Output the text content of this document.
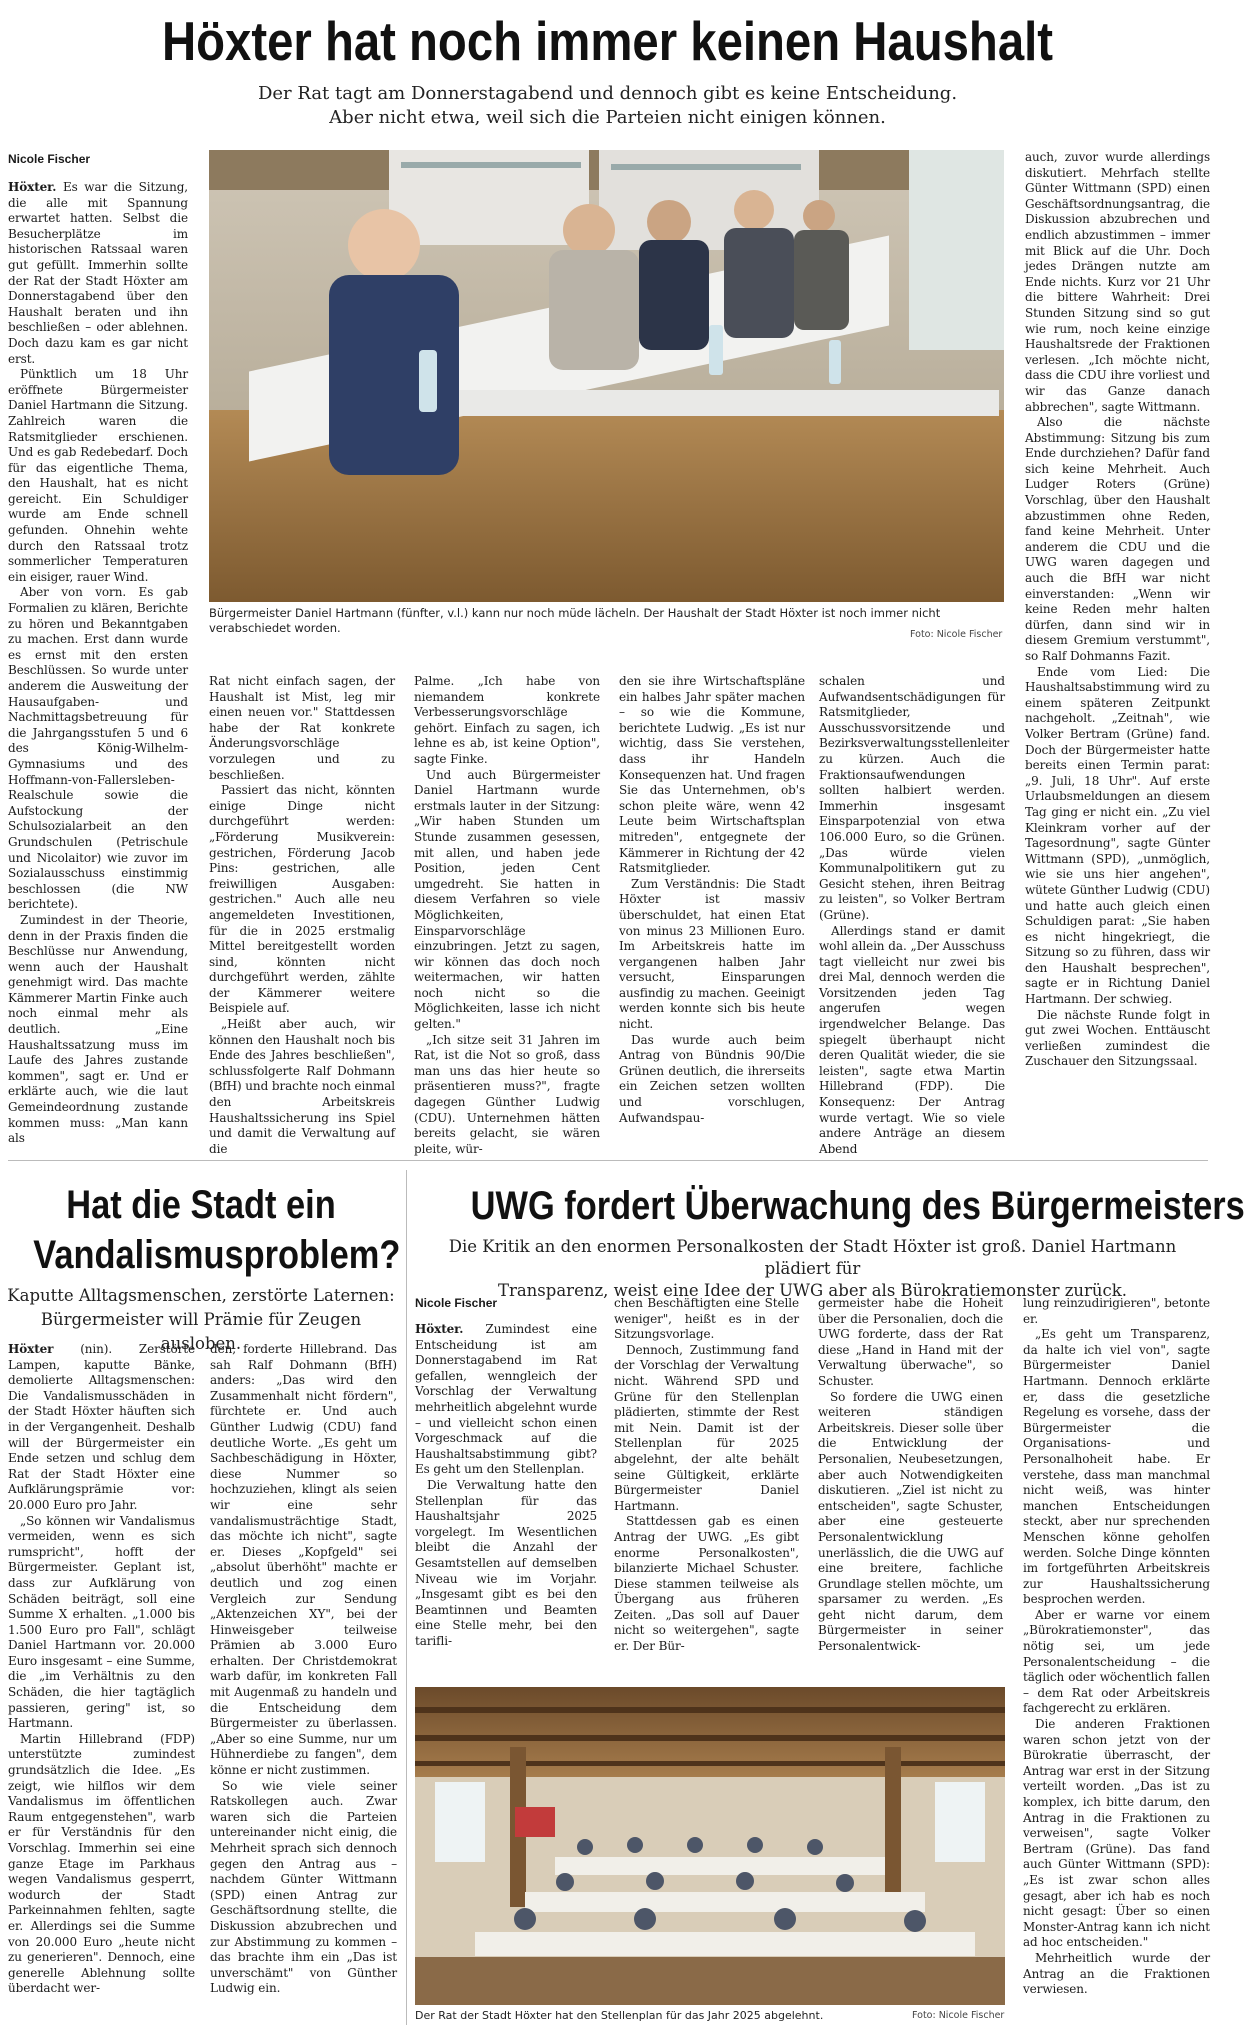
Höxter hat noch immer keinen Haushalt
Der Rat tagt am Donnerstagabend und dennoch gibt es keine Entscheidung.
Aber nicht etwa, weil sich die Parteien nicht einigen können.
Nicole Fischer

Höxter. Es war die Sitzung, die alle mit Spannung erwartet hatten. Selbst die Besucherplätze im historischen Ratssaal waren gut gefüllt. Immerhin sollte der Rat der Stadt Höxter am Donnerstagabend über den Haushalt beraten und ihn beschließen – oder ablehnen. Doch dazu kam es gar nicht erst.

Pünktlich um 18 Uhr eröffnete Bürgermeister Daniel Hartmann die Sitzung. Zahlreich waren die Ratsmitglieder erschienen. Und es gab Redebedarf. Doch für das eigentliche Thema, den Haushalt, hat es nicht gereicht. Ein Schuldiger wurde am Ende schnell gefunden. Ohnehin wehte durch den Ratssaal trotz sommerlicher Temperaturen ein eisiger, rauer Wind.

Aber von vorn. Es gab Formalien zu klären, Berichte zu hören und Bekanntgaben zu machen. Erst dann wurde es ernst mit den ersten Beschlüssen. So wurde unter anderem die Ausweitung der Hausaufgaben- und Nachmittagsbetreuung für die Jahrgangsstufen 5 und 6 des König-Wilhelm-Gymnasiums und des Hoffmann-von-Fallersleben-Realschule sowie die Aufstockung der Schulsozialarbeit an den Grundschulen (Petrischule und Nicolaitor) wie zuvor im Sozialausschuss einstimmig beschlossen (die NW berichtete).

Zumindest in der Theorie, denn in der Praxis finden die Beschlüsse nur Anwendung, wenn auch der Haushalt genehmigt wird. Das machte Kämmerer Martin Finke auch noch einmal mehr als deutlich. „Eine Haushaltssatzung muss im Laufe des Jahres zustande kommen", sagt er. Und er erklärte auch, wie die laut Gemeindeordnung zustande kommen muss: „Man kann als

Bürgermeister Daniel Hartmann (fünfter, v.l.) kann nur noch müde lächeln. Der Haushalt der Stadt Höxter ist noch immer nicht verabschiedet worden.	Foto: Nicole Fischer

Rat nicht einfach sagen, der Haushalt ist Mist, leg mir einen neuen vor." Stattdessen habe der Rat konkrete Änderungsvorschläge vorzulegen und zu beschließen.

Passiert das nicht, könnten einige Dinge nicht durchgeführt werden: „Förderung Musikverein: gestrichen, Förderung Jacob Pins: gestrichen, alle freiwilligen Ausgaben: gestrichen." Auch alle neu angemeldeten Investitionen, für die in 2025 erstmalig Mittel bereitgestellt worden sind, könnten nicht durchgeführt werden, zählte der Kämmerer weitere Beispiele auf.

„Heißt aber auch, wir können den Haushalt noch bis Ende des Jahres beschließen", schlussfolgerte Ralf Dohmann (BfH) und brachte noch einmal den Arbeitskreis Haushaltssicherung ins Spiel und damit die Verwaltung auf die

Palme. „Ich habe von niemandem konkrete Verbesserungsvorschläge gehört. Einfach zu sagen, ich lehne es ab, ist keine Option", sagte Finke.

Und auch Bürgermeister Daniel Hartmann wurde erstmals lauter in der Sitzung: „Wir haben Stunden um Stunde zusammen gesessen, mit allen, und haben jede Position, jeden Cent umgedreht. Sie hatten in diesem Verfahren so viele Möglichkeiten, Einsparvorschläge einzubringen. Jetzt zu sagen, wir können das doch noch weitermachen, wir hatten noch nicht so die Möglichkeiten, lasse ich nicht gelten."

„Ich sitze seit 31 Jahren im Rat, ist die Not so groß, dass man uns das hier heute so präsentieren muss?", fragte dagegen Günther Ludwig (CDU). Unternehmen hätten bereits gelacht, sie wären pleite, wür-

den sie ihre Wirtschaftspläne ein halbes Jahr später machen – so wie die Kommune, berichtete Ludwig. „Es ist nur wichtig, dass Sie verstehen, dass ihr Handeln Konsequenzen hat. Und fragen Sie das Unternehmen, ob's schon pleite wäre, wenn 42 Leute beim Wirtschaftsplan mitreden", entgegnete der Kämmerer in Richtung der 42 Ratsmitglieder.

Zum Verständnis: Die Stadt Höxter ist massiv überschuldet, hat einen Etat von minus 23 Millionen Euro. Im Arbeitskreis hatte im vergangenen halben Jahr versucht, Einsparungen ausfindig zu machen. Geeinigt werden konnte sich bis heute nicht.

Das wurde auch beim Antrag von Bündnis 90/Die Grünen deutlich, die ihrerseits ein Zeichen setzen wollten und vorschlugen, Aufwandspau-

schalen und Aufwandsentschädigungen für Ratsmitglieder, Ausschussvorsitzende und Bezirksverwaltungsstellenleiter zu kürzen. Auch die Fraktionsaufwendungen sollten halbiert werden. Immerhin insgesamt Einsparpotenzial von etwa 106.000 Euro, so die Grünen. „Das würde vielen Kommunalpolitikern gut zu Gesicht stehen, ihren Beitrag zu leisten", so Volker Bertram (Grüne).

Allerdings stand er damit wohl allein da. „Der Ausschuss tagt vielleicht nur zwei bis drei Mal, dennoch werden die Vorsitzenden jeden Tag angerufen wegen irgendwelcher Belange. Das spiegelt überhaupt nicht deren Qualität wieder, die sie leisten", sagte etwa Martin Hillebrand (FDP). Die Konsequenz: Der Antrag wurde vertagt. Wie so viele andere Anträge an diesem Abend

auch, zuvor wurde allerdings diskutiert. Mehrfach stellte Günter Wittmann (SPD) einen Geschäftsordnungsantrag, die Diskussion abzubrechen und endlich abzustimmen – immer mit Blick auf die Uhr. Doch jedes Drängen nutzte am Ende nichts. Kurz vor 21 Uhr die bittere Wahrheit: Drei Stunden Sitzung sind so gut wie rum, noch keine einzige Haushaltsrede der Fraktionen verlesen. „Ich möchte nicht, dass die CDU ihre vorliest und wir das Ganze danach abbrechen", sagte Wittmann.

Also die nächste Abstimmung: Sitzung bis zum Ende durchziehen? Dafür fand sich keine Mehrheit. Auch Ludger Roters (Grüne) Vorschlag, über den Haushalt abzustimmen ohne Reden, fand keine Mehrheit. Unter anderem die CDU und die UWG waren dagegen und auch die BfH war nicht einverstanden: „Wenn wir keine Reden mehr halten dürfen, dann sind wir in diesem Gremium verstummt", so Ralf Dohmanns Fazit.

Ende vom Lied: Die Haushaltsabstimmung wird zu einem späteren Zeitpunkt nachgeholt. „Zeitnah", wie Volker Bertram (Grüne) fand. Doch der Bürgermeister hatte bereits einen Termin parat: „9. Juli, 18 Uhr". Auf erste Urlaubsmeldungen an diesem Tag ging er nicht ein. „Zu viel Kleinkram vorher auf der Tagesordnung", sagte Günter Wittmann (SPD), „unmöglich, wie sie uns hier angehen", wütete Günther Ludwig (CDU) und hatte auch gleich einen Schuldigen parat: „Sie haben es nicht hingekriegt, die Sitzung so zu führen, dass wir den Haushalt besprechen", sagte er in Richtung Daniel Hartmann. Der schwieg.

Die nächste Runde folgt in gut zwei Wochen. Enttäuscht verließen zumindest die Zuschauer den Sitzungssaal.

Hat die Stadt ein
Vandalismusproblem?
Kaputte Alltagsmenschen, zerstörte Laternen:
Bürgermeister will Prämie für Zeugen ausloben.

Höxter (nin). Zerstörte Lampen, kaputte Bänke, demolierte Alltagsmenschen: Die Vandalismusschäden in der Stadt Höxter häuften sich in der Vergangenheit. Deshalb will der Bürgermeister ein Ende setzen und schlug dem Rat der Stadt Höxter eine Aufklärungsprämie vor: 20.000 Euro pro Jahr.

„So können wir Vandalismus vermeiden, wenn es sich rumspricht", hofft der Bürgermeister. Geplant ist, dass zur Aufklärung von Schäden beiträgt, soll eine Summe X erhalten. „1.000 bis 1.500 Euro pro Fall", schlägt Daniel Hartmann vor. 20.000 Euro insgesamt – eine Summe, die „im Verhältnis zu den Schäden, die hier tagtäglich passieren, gering" ist, so Hartmann.

Martin Hillebrand (FDP) unterstützte zumindest grundsätzlich die Idee. „Es zeigt, wie hilflos wir dem Vandalismus im öffentlichen Raum entgegenstehen", warb er für Verständnis für den Vorschlag. Immerhin sei eine ganze Etage im Parkhaus wegen Vandalismus gesperrt, wodurch der Stadt Parkeinnahmen fehlten, sagte er. Allerdings sei die Summe von 20.000 Euro „heute nicht zu generieren". Dennoch, eine generelle Ablehnung sollte überdacht wer-

den, forderte Hillebrand. Das sah Ralf Dohmann (BfH) anders: „Das wird den Zusammenhalt nicht fördern", fürchtete er. Und auch Günther Ludwig (CDU) fand deutliche Worte. „Es geht um Sachbeschädigung in Höxter, diese Nummer so hochzuziehen, klingt als seien wir eine sehr vandalismusträchtige Stadt, das möchte ich nicht", sagte er. Dieses „Kopfgeld" sei „absolut überhöht" machte er deutlich und zog einen Vergleich zur Sendung „Aktenzeichen XY", bei der Hinweisgeber teilweise Prämien ab 3.000 Euro erhalten. Der Christdemokrat warb dafür, im konkreten Fall mit Augenmaß zu handeln und die Entscheidung dem Bürgermeister zu überlassen. „Aber so eine Summe, nur um Hühnerdiebe zu fangen", dem könne er nicht zustimmen.

So wie viele seiner Ratskollegen auch. Zwar waren sich die Parteien untereinander nicht einig, die Mehrheit sprach sich dennoch gegen den Antrag aus – nachdem Günter Wittmann (SPD) einen Antrag zur Geschäftsordnung stellte, die Diskussion abzubrechen und zur Abstimmung zu kommen – das brachte ihm ein „Das ist unverschämt" von Günther Ludwig ein.

UWG fordert Überwachung des Bürgermeisters
Die Kritik an den enormen Personalkosten der Stadt Höxter ist groß. Daniel Hartmann plädiert für
Transparenz, weist eine Idee der UWG aber als Bürokratiemonster zurück.
Nicole Fischer

Höxter. Zumindest eine Entscheidung ist am Donnerstagabend im Rat gefallen, wenngleich der Vorschlag der Verwaltung mehrheitlich abgelehnt wurde – und vielleicht schon einen Vorgeschmack auf die Haushaltsabstimmung gibt? Es geht um den Stellenplan.

Die Verwaltung hatte den Stellenplan für das Haushaltsjahr 2025 vorgelegt. Im Wesentlichen bleibt die Anzahl der Gesamtstellen auf demselben Niveau wie im Vorjahr. „Insgesamt gibt es bei den Beamtinnen und Beamten eine Stelle mehr, bei den tarifli-

chen Beschäftigten eine Stelle weniger", heißt es in der Sitzungsvorlage.

Dennoch, Zustimmung fand der Vorschlag der Verwaltung nicht. Während SPD und Grüne für den Stellenplan plädierten, stimmte der Rest mit Nein. Damit ist der Stellenplan für 2025 abgelehnt, der alte behält seine Gültigkeit, erklärte Bürgermeister Daniel Hartmann.

Stattdessen gab es einen Antrag der UWG. „Es gibt enorme Personalkosten", bilanzierte Michael Schuster. Diese stammen teilweise als Übergang aus früheren Zeiten. „Das soll auf Dauer nicht so weitergehen", sagte er. Der Bür-

germeister habe die Hoheit über die Personalien, doch die UWG forderte, dass der Rat diese „Hand in Hand mit der Verwaltung überwache", so Schuster.

So fordere die UWG einen weiteren ständigen Arbeitskreis. Dieser solle über die Entwicklung der Personalien, Neubesetzungen, aber auch Notwendigkeiten diskutieren. „Ziel ist nicht zu entscheiden", sagte Schuster, aber eine gesteuerte Personalentwicklung unerlässlich, die die UWG auf eine breitere, fachliche Grundlage stellen möchte, um sparsamer zu werden. „Es geht nicht darum, dem Bürgermeister in seiner Personalentwick-

lung reinzudirigieren", betonte er.

„Es geht um Transparenz, da halte ich viel von", sagte Bürgermeister Daniel Hartmann. Dennoch erklärte er, dass die gesetzliche Regelung es vorsehe, dass der Bürgermeister die Organisations- und Personalhoheit habe. Er verstehe, dass man manchmal nicht weiß, was hinter manchen Entscheidungen steckt, aber nur sprechenden Menschen könne geholfen werden. Solche Dinge könnten im fortgeführten Arbeitskreis zur Haushaltssicherung besprochen werden.

Aber er warne vor einem „Bürokratiemonster", das nötig sei, um jede Personalentscheidung – die täglich oder wöchentlich fallen – dem Rat oder Arbeitskreis fachgerecht zu erklären.

Die anderen Fraktionen waren schon jetzt von der Bürokratie überrascht, der Antrag war erst in der Sitzung verteilt worden. „Das ist zu komplex, ich bitte darum, den Antrag in die Fraktionen zu verweisen", sagte Volker Bertram (Grüne). Das fand auch Günter Wittmann (SPD): „Es ist zwar schon alles gesagt, aber ich hab es noch nicht gesagt: Über so einen Monster-Antrag kann ich nicht ad hoc entscheiden."

Mehrheitlich wurde der Antrag an die Fraktionen verwiesen.

Der Rat der Stadt Höxter hat den Stellenplan für das Jahr 2025 abgelehnt.	Foto: Nicole Fischer
